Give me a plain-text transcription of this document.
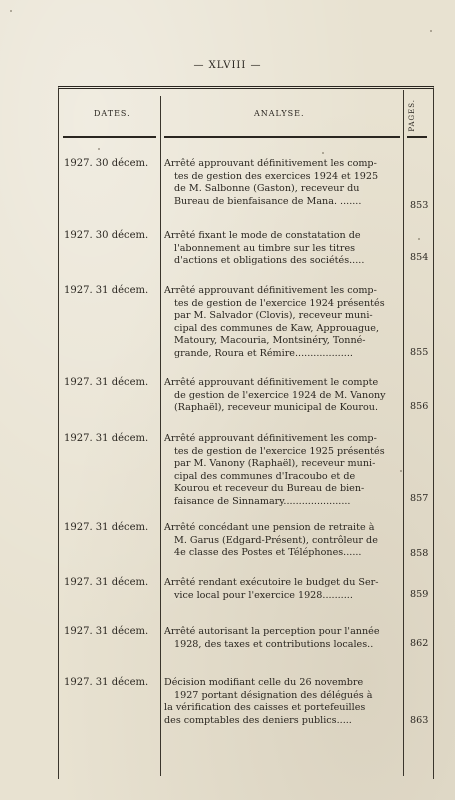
— XLVIII —
DATES.	ANALYSE.	PAGES.
1927. 30 décem.	Arrêté approuvant définitivement les comp-
tes de gestion des exercices 1924 et 1925
de M. Salbonne (Gaston), receveur du
Bureau de bienfaisance de Mana. .......	853
1927. 30 décem.	Arrêté fixant le mode de constatation de
l'abonnement au timbre sur les titres
d'actions et obligations des sociétés.....	854
1927. 31 décem.	Arrêté approuvant définitivement les comp-
tes de gestion de l'exercice 1924 présentés
par M. Salvador (Clovis), receveur muni-
cipal des communes de Kaw, Approuague,
Matoury, Macouria, Montsinéry, Tonné-
grande, Roura et Rémire...................	855
1927. 31 décem.	Arrêté approuvant définitivement le compte
de gestion de l'exercice 1924 de M. Vanony
(Raphaël), receveur municipal de Kourou.	856
1927. 31 décem.	Arrêté approuvant définitivement les comp-
tes de gestion de l'exercice 1925 présentés
par M. Vanony (Raphaël), receveur muni-
cipal des communes d'Iracoubo et de
Kourou et receveur du Bureau de bien-
faisance de Sinnamary......................	857
1927. 31 décem.	Arrêté concédant une pension de retraite à
M. Garus (Edgard-Présent), contrôleur de
4e classe des Postes et Téléphones......	858
1927. 31 décem.	Arrêté rendant exécutoire le budget du Ser-
vice local pour l'exercice 1928..........	859
1927. 31 décem.	Arrêté autorisant la perception pour l'année
1928, des taxes et contributions locales..	862
1927. 31 décem.	Décision modifiant celle du 26 novembre
1927 portant désignation des délégués à
la vérification des caisses et portefeuilles
des comptables des deniers publics.....	863
